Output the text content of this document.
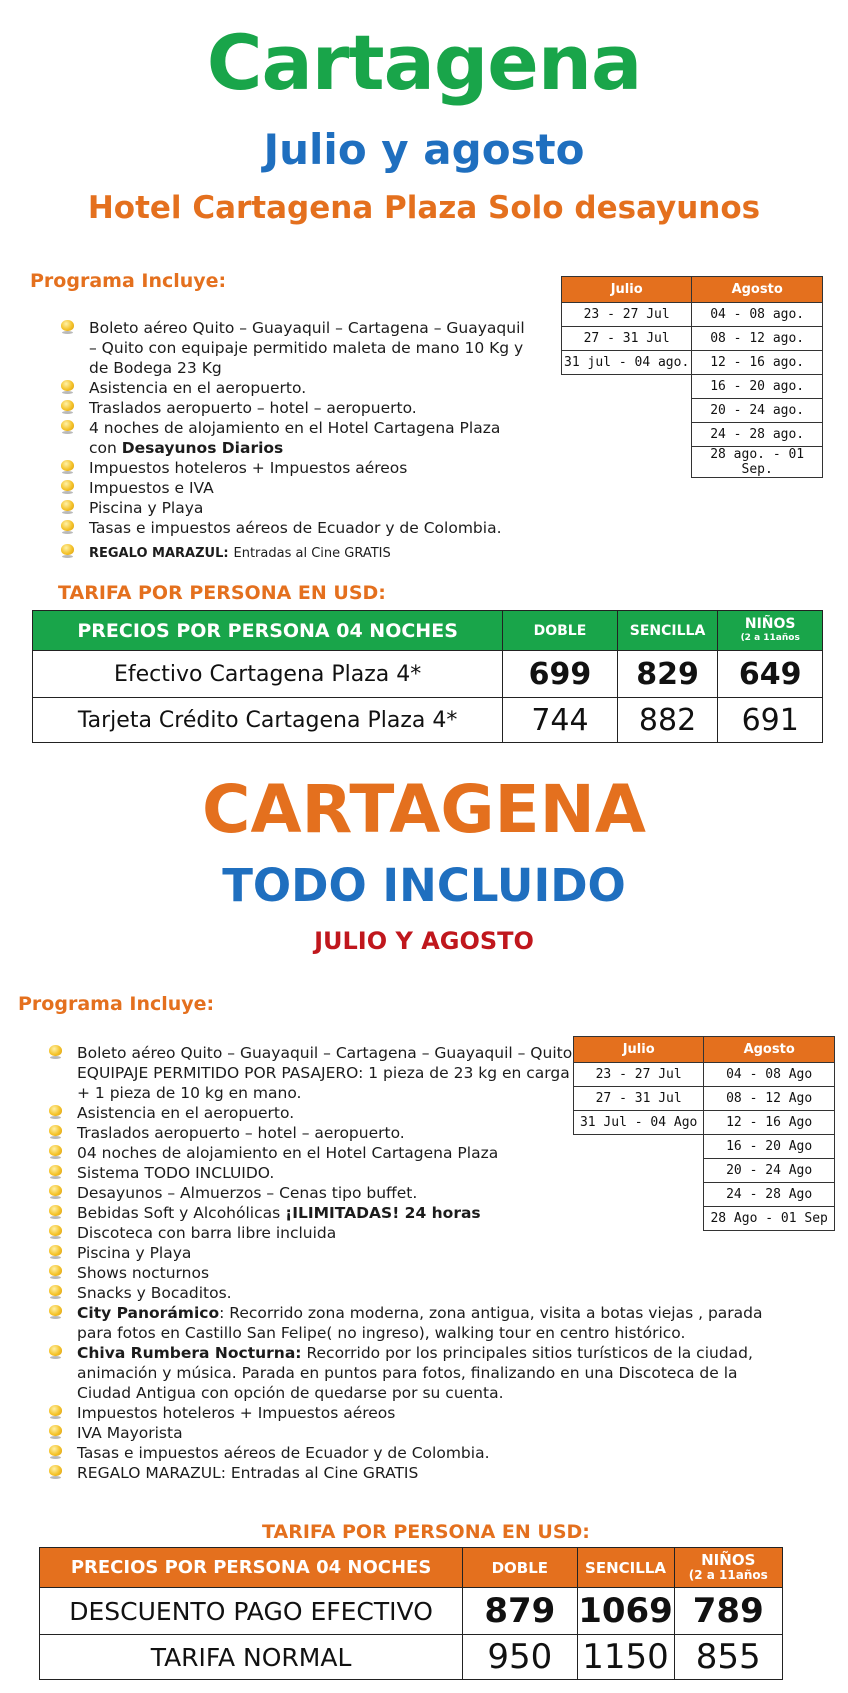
Cartagena
Julio y agosto
Hotel Cartagena Plaza Solo desayunos
Programa Incluye:
Boleto aéreo Quito – Guayaquil – Cartagena – Guayaquil – Quito con equipaje permitido maleta de mano 10 Kg y de Bodega 23 Kg
Asistencia en el aeropuerto.
Traslados aeropuerto – hotel – aeropuerto.
4 noches de alojamiento en el Hotel Cartagena Plaza con Desayunos Diarios
Impuestos hoteleros + Impuestos aéreos
Impuestos e IVA
Piscina y Playa
Tasas e impuestos aéreos de Ecuador y de Colombia.
REGALO MARAZUL: Entradas al Cine GRATIS
Julio	Agosto
23 - 27 Jul	04 - 08 ago.
27 - 31 Jul	08 - 12 ago.
31 jul - 04 ago.	12 - 16 ago.
	16 - 20 ago.
	20 - 24 ago.
	24 - 28 ago.
	28 ago. - 01 Sep.
TARIFA POR PERSONA EN USD:
PRECIOS POR PERSONA 04 NOCHES	DOBLE	SENCILLA	NIÑOS
(2 a 11años

Efectivo Cartagena Plaza 4*	699	829	649
Tarjeta Crédito Cartagena Plaza 4*	744	882	691
CARTAGENA
TODO INCLUIDO
JULIO Y AGOSTO
Programa Incluye:
Boleto aéreo Quito – Guayaquil – Cartagena – Guayaquil – Quito EQUIPAJE PERMITIDO POR PASAJERO: 1 pieza de 23 kg en carga + 1 pieza de 10 kg en mano.
Asistencia en el aeropuerto.
Traslados aeropuerto – hotel – aeropuerto.
04 noches de alojamiento en el Hotel Cartagena Plaza
Sistema TODO INCLUIDO.
Desayunos – Almuerzos – Cenas tipo buffet.
Bebidas Soft y Alcohólicas ¡ILIMITADAS! 24 horas
Discoteca con barra libre incluida
Piscina y Playa
Shows nocturnos
Snacks y Bocaditos.
City Panorámico: Recorrido zona moderna, zona antigua, visita a botas viejas , parada para fotos en Castillo San Felipe( no ingreso), walking tour en centro histórico.
Chiva Rumbera Nocturna: Recorrido por los principales sitios turísticos de la ciudad, animación y música. Parada en puntos para fotos, finalizando en una Discoteca de la Ciudad Antigua con opción de quedarse por su cuenta.
Impuestos hoteleros + Impuestos aéreos
IVA Mayorista
Tasas e impuestos aéreos de Ecuador y de Colombia.
REGALO MARAZUL: Entradas al Cine GRATIS
Julio	Agosto
23 - 27 Jul	04 - 08 Ago
27 - 31 Jul	08 - 12 Ago
31 Jul - 04 Ago	12 - 16 Ago
	16 - 20 Ago
	20 - 24 Ago
	24 - 28 Ago
	28 Ago - 01 Sep
TARIFA POR PERSONA EN USD:
PRECIOS POR PERSONA 04 NOCHES	DOBLE	SENCILLA	NIÑOS
(2 a 11años

DESCUENTO PAGO EFECTIVO	879	1069	789
TARIFA NORMAL	950	1150	855
